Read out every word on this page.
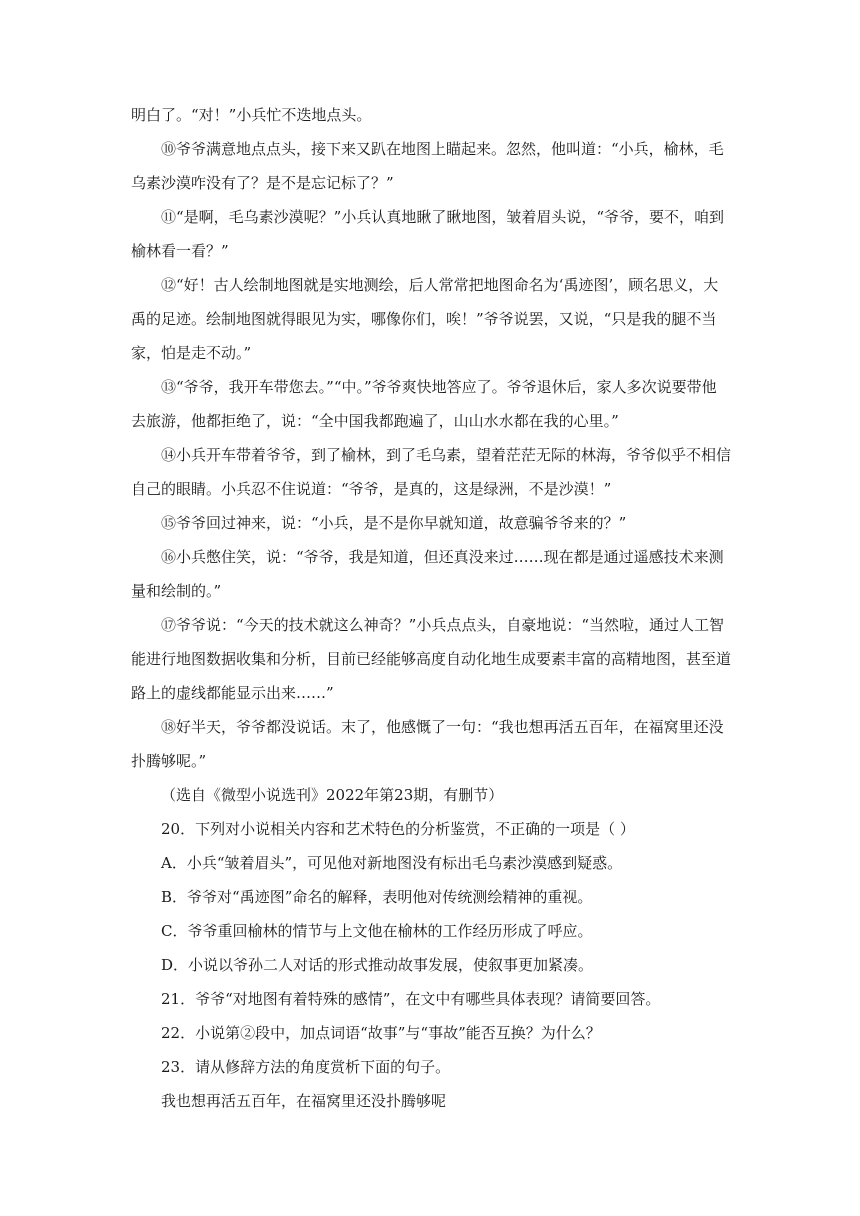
明白了。“对！”小兵忙不迭地点头。

⑩爷爷满意地点点头，接下来又趴在地图上瞄起来。忽然，他叫道：“小兵，榆林，毛乌素沙漠咋没有了？是不是忘记标了？”

⑪“是啊，毛乌素沙漠呢？”小兵认真地瞅了瞅地图，皱着眉头说，“爷爷，要不，咱到榆林看一看？”

⑫“好！古人绘制地图就是实地测绘，后人常常把地图命名为‘禹迹图’，顾名思义，大禹的足迹。绘制地图就得眼见为实，哪像你们，唉！”爷爷说罢，又说，“只是我的腿不当家，怕是走不动。”

⑬“爷爷，我开车带您去。”“中。”爷爷爽快地答应了。爷爷退休后，家人多次说要带他去旅游，他都拒绝了，说：“全中国我都跑遍了，山山水水都在我的心里。”

⑭小兵开车带着爷爷，到了榆林，到了毛乌素，望着茫茫无际的林海，爷爷似乎不相信自己的眼睛。小兵忍不住说道：“爷爷，是真的，这是绿洲，不是沙漠！”

⑮爷爷回过神来，说：“小兵，是不是你早就知道，故意骗爷爷来的？”

⑯小兵憋住笑，说：“爷爷，我是知道，但还真没来过……现在都是通过遥感技术来测量和绘制的。”

⑰爷爷说：“今天的技术就这么神奇？”小兵点点头，自豪地说：“当然啦，通过人工智能进行地图数据收集和分析，目前已经能够高度自动化地生成要素丰富的高精地图，甚至道路上的虚线都能显示出来……”

⑱好半天，爷爷都没说话。末了，他感慨了一句：“我也想再活五百年，在福窝里还没扑腾够呢。”

（选自《微型小说选刊》2022年第23期，有删节）

20．下列对小说相关内容和艺术特色的分析鉴赏，不正确的一项是（ ）

A．小兵“皱着眉头”，可见他对新地图没有标出毛乌素沙漠感到疑惑。

B．爷爷对“禹迹图”命名的解释，表明他对传统测绘精神的重视。

C．爷爷重回榆林的情节与上文他在榆林的工作经历形成了呼应。

D．小说以爷孙二人对话的形式推动故事发展，使叙事更加紧凑。

21．爷爷“对地图有着特殊的感情”，在文中有哪些具体表现？请简要回答。

22．小说第②段中，加点词语“故事”与“事故”能否互换？为什么？

23．请从修辞方法的角度赏析下面的句子。

我也想再活五百年，在福窝里还没扑腾够呢
